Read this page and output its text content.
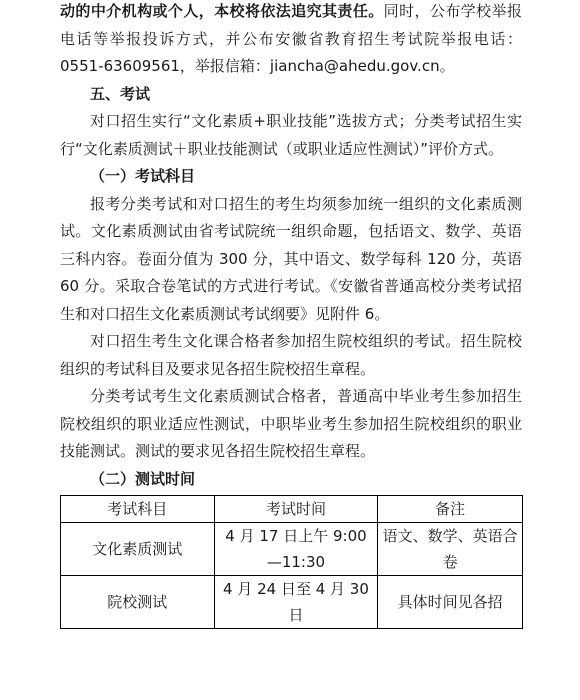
动的中介机构或个人，本校将依法追究其责任。同时，公布学校举报电话等举报投诉方式，并公布安徽省教育招生考试院举报电话：0551-63609561，举报信箱：jiancha@ahedu.gov.cn。

五、考试

对口招生实行“文化素质+职业技能”选拔方式；分类考试招生实行“文化素质测试＋职业技能测试（或职业适应性测试）”评价方式。

（一）考试科目

报考分类考试和对口招生的考生均须参加统一组织的文化素质测试。文化素质测试由省考试院统一组织命题，包括语文、数学、英语三科内容。卷面分值为 300 分，其中语文、数学每科 120 分，英语 60 分。采取合卷笔试的方式进行考试。《安徽省普通高校分类考试招生和对口招生文化素质测试考试纲要》见附件 6。

对口招生考生文化课合格者参加招生院校组织的考试。招生院校组织的考试科目及要求见各招生院校招生章程。

分类考试考生文化素质测试合格者，普通高中毕业考生参加招生院校组织的职业适应性测试，中职毕业考生参加招生院校组织的职业技能测试。测试的要求见各招生院校招生章程。

（二）测试时间

考试科目	考试时间	备注
文化素质测试	4 月 17 日上午 9:00—11:30	语文、数学、英语合卷
院校测试	4 月 24 日至 4 月 30 日	具体时间见各招
